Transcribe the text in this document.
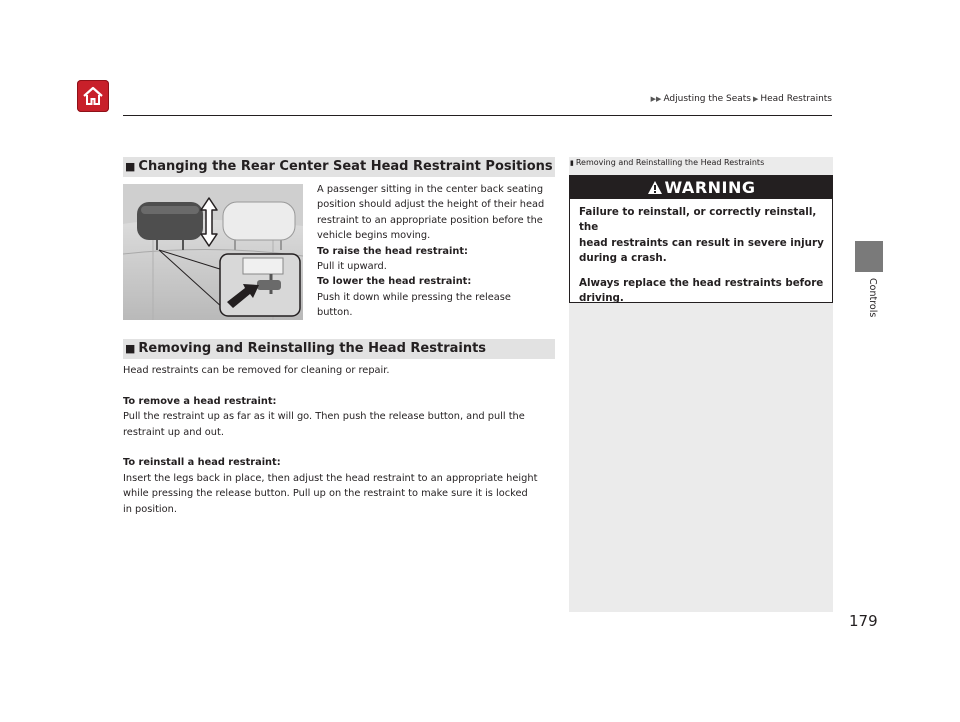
▶▶ Adjusting the Seats ▶ Head Restraints
Controls
■ Changing the Rear Center Seat Head Restraint Positions
A passenger sitting in the center back seating
position should adjust the height of their head
restraint to an appropriate position before the
vehicle begins moving.
To raise the head restraint:
Pull it upward.
To lower the head restraint:
Push it down while pressing the release
button.
■ Removing and Reinstalling the Head Restraints
Head restraints can be removed for cleaning or repair.
To remove a head restraint:
Pull the restraint up as far as it will go. Then push the release button, and pull the
restraint up and out.
To reinstall a head restraint:
Insert the legs back in place, then adjust the head restraint to an appropriate height
while pressing the release button. Pull up on the restraint to make sure it is locked
in position.
▮ Removing and Reinstalling the Head Restraints
WARNING
Failure to reinstall, or correctly reinstall, the
head restraints can result in severe injury
during a crash.
Always replace the head restraints before
driving.
179
